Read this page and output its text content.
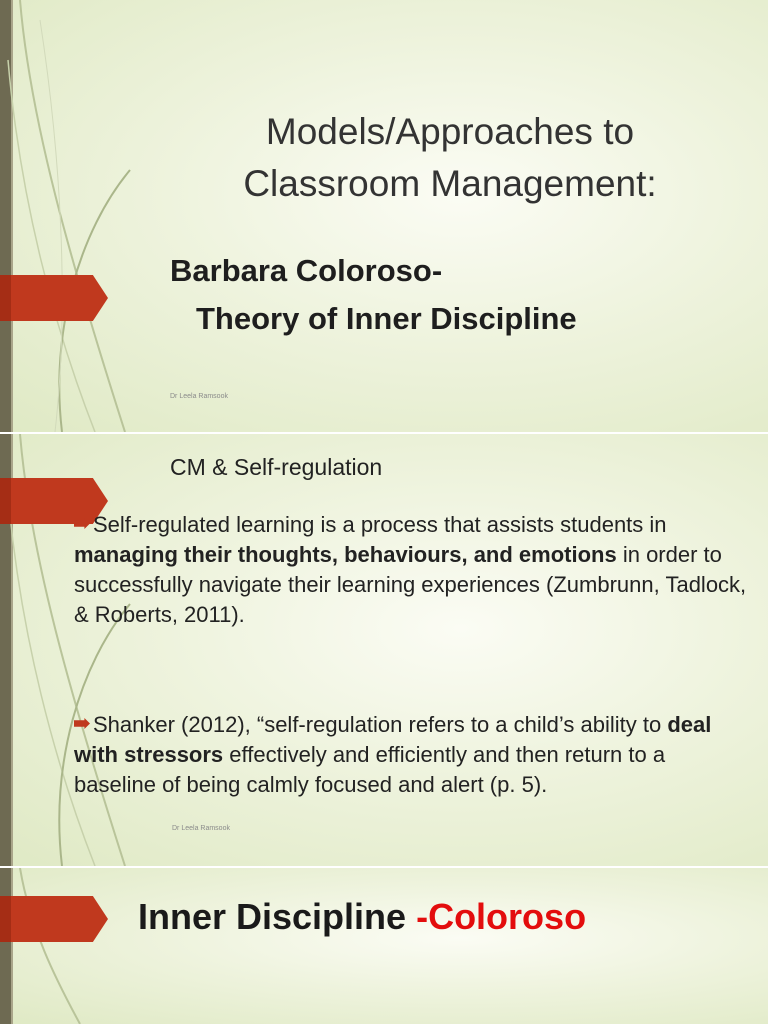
Models/Approaches to
Classroom Management:
Barbara Coloroso-
Theory of Inner Discipline
Dr Leela Ramsook
CM & Self-regulation
Self-regulated learning is a process that assists students in managing their thoughts, behaviours, and emotions in order to successfully navigate their learning experiences (Zumbrunn, Tadlock, & Roberts, 2011).
Shanker (2012), “self-regulation refers to a child’s ability to deal with stressors effectively and efficiently and then return to a baseline of being calmly focused and alert (p. 5).
Dr Leela Ramsook
Inner Discipline -Coloroso
